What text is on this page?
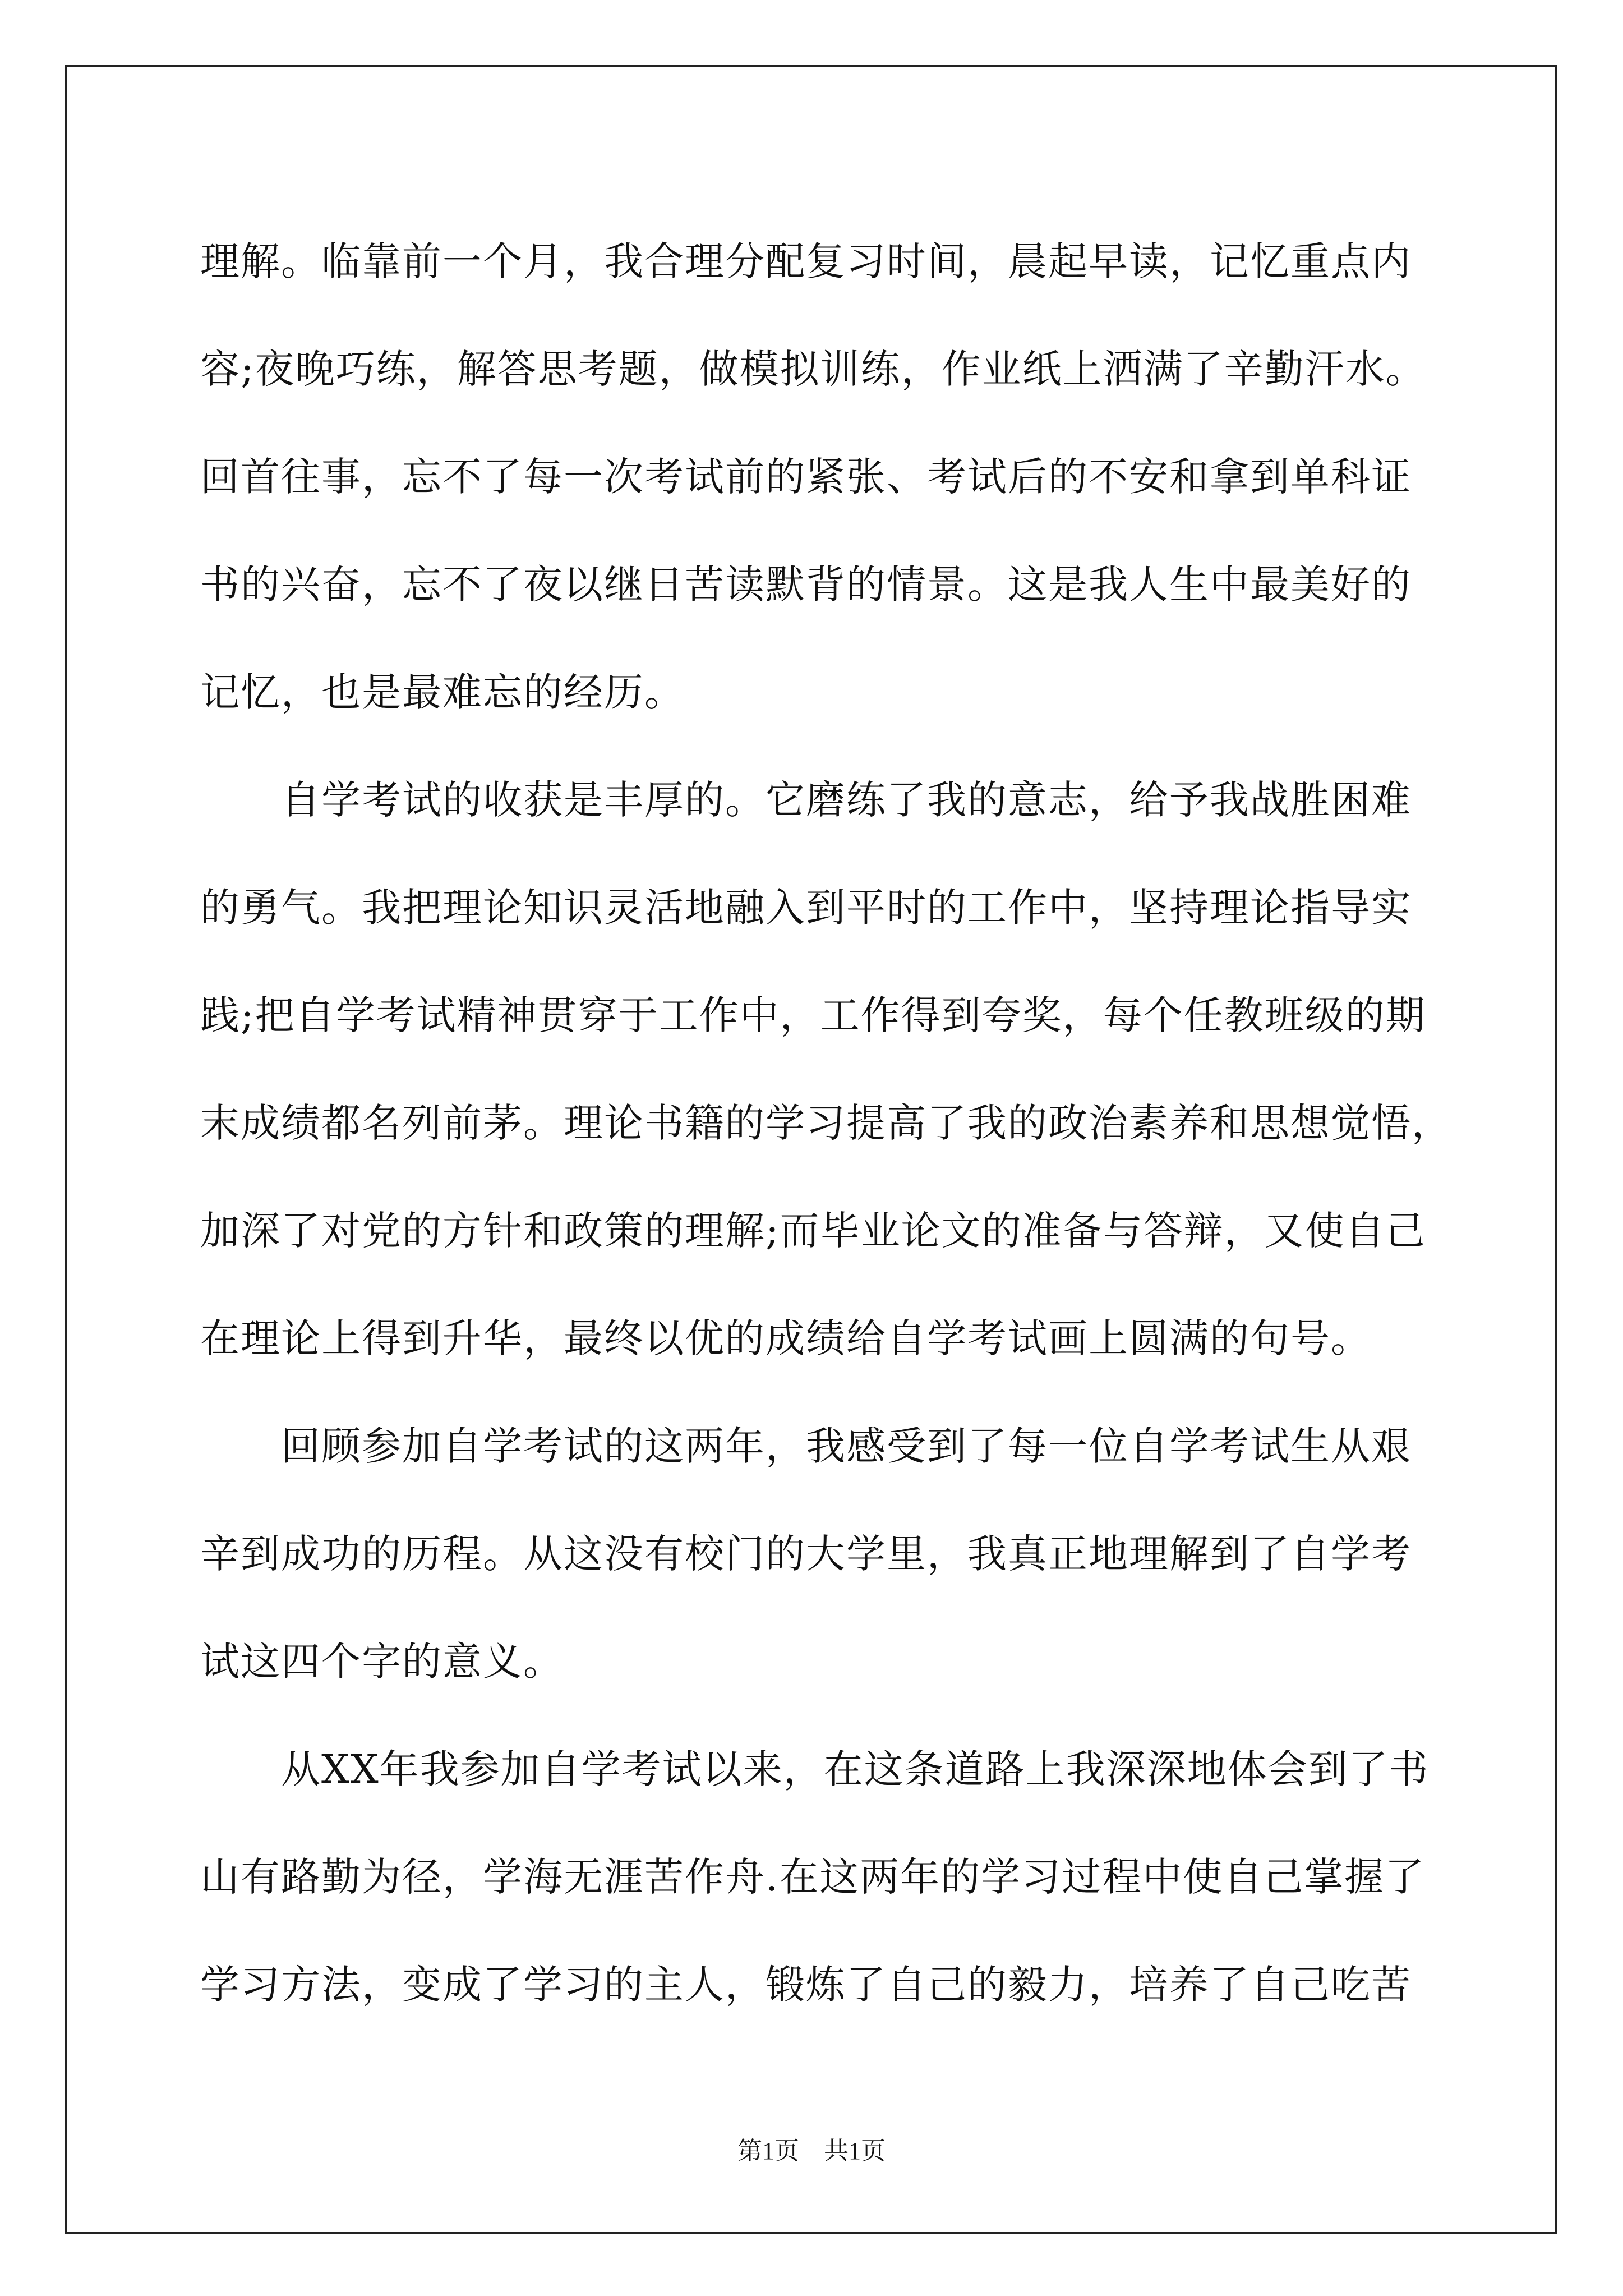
理解。临靠前一个月，我合理分配复习时间，晨起早读，记忆重点内
容;夜晚巧练，解答思考题，做模拟训练，作业纸上洒满了辛勤汗水。
回首往事，忘不了每一次考试前的紧张、考试后的不安和拿到单科证
书的兴奋，忘不了夜以继日苦读默背的情景。这是我人生中最美好的
记忆，也是最难忘的经历。
　　自学考试的收获是丰厚的。它磨练了我的意志，给予我战胜困难
的勇气。我把理论知识灵活地融入到平时的工作中，坚持理论指导实
践;把自学考试精神贯穿于工作中，工作得到夸奖，每个任教班级的期
末成绩都名列前茅。理论书籍的学习提高了我的政治素养和思想觉悟，
加深了对党的方针和政策的理解;而毕业论文的准备与答辩，又使自己
在理论上得到升华，最终以优的成绩给自学考试画上圆满的句号。
　　回顾参加自学考试的这两年，我感受到了每一位自学考试生从艰
辛到成功的历程。从这没有校门的大学里，我真正地理解到了自学考
试这四个字的意义。
　　从XX年我参加自学考试以来，在这条道路上我深深地体会到了书
山有路勤为径，学海无涯苦作舟.在这两年的学习过程中使自己掌握了
学习方法，变成了学习的主人，锻炼了自己的毅力，培养了自己吃苦
第1页　共1页
